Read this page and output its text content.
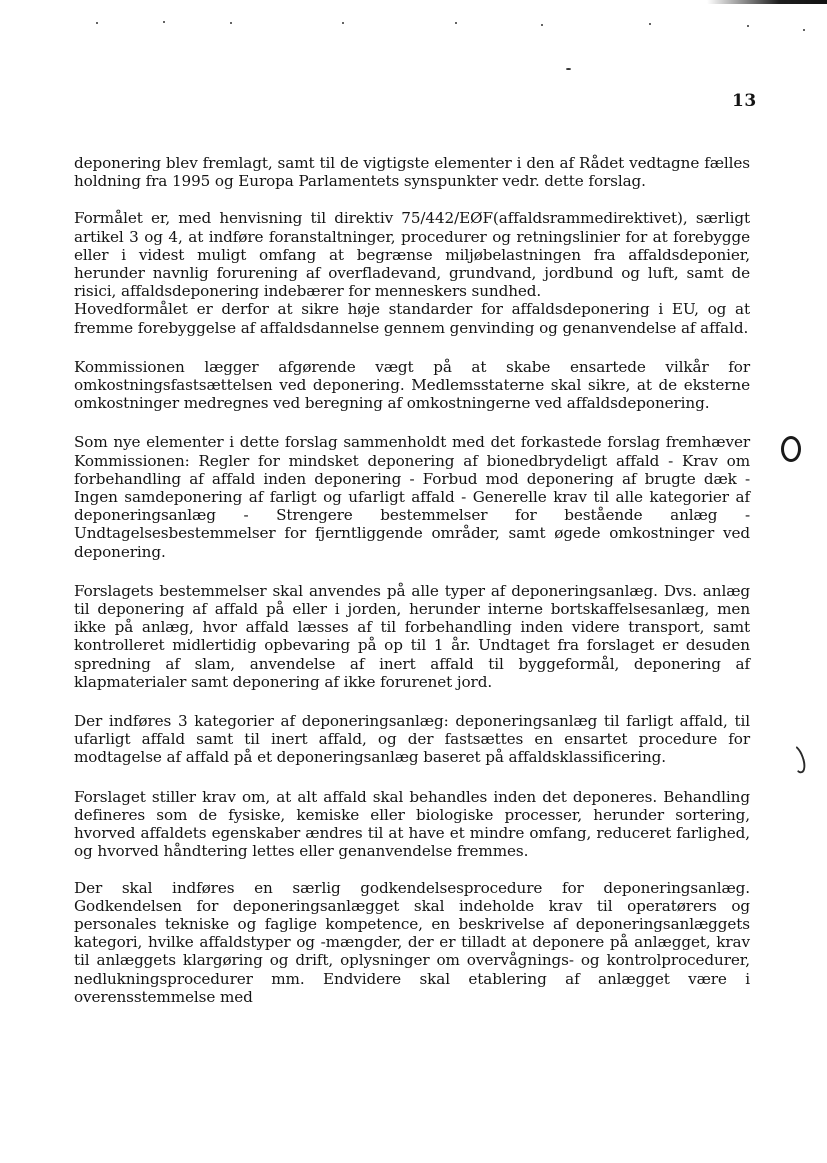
13

deponering blev fremlagt, samt til de vigtigste elementer i den af Rådet vedtagne fælles holdning fra 1995 og Europa Parlamentets synspunkter vedr. dette forslag.

Formålet er, med henvisning til direktiv 75/442/EØF(affaldsrammedirektivet), særligt artikel 3 og 4, at indføre foranstaltninger, procedurer og retningslinier for at forebygge eller i videst muligt omfang at begrænse miljøbelastningen fra affaldsdeponier, herunder navnlig forurening af overfladevand, grundvand, jordbund og luft, samt de risici, affaldsdeponering indebærer for menneskers sundhed.

Hovedformålet er derfor at sikre høje standarder for affaldsdeponering i EU, og at fremme forebyggelse af affaldsdannelse gennem genvinding og genanvendelse af affald.

Kommissionen lægger afgørende vægt på at skabe ensartede vilkår for omkostningsfastsættelsen ved deponering. Medlemsstaterne skal sikre, at de eksterne omkostninger medregnes ved beregning af omkostningerne ved affaldsdeponering.

Som nye elementer i dette forslag sammenholdt med det forkastede forslag fremhæver Kommissionen: Regler for mindsket deponering af bionedbrydeligt affald - Krav om forbehandling af affald inden deponering - Forbud mod deponering af brugte dæk - Ingen samdeponering af farligt og ufarligt affald - Generelle krav til alle kategorier af deponeringsanlæg - Strengere bestemmelser for bestående anlæg - Undtagelsesbestemmelser for fjerntliggende områder, samt øgede omkostninger ved deponering.

Forslagets bestemmelser skal anvendes på alle typer af deponeringsanlæg. Dvs. anlæg til deponering af affald på eller i jorden, herunder interne bortskaffelsesanlæg, men ikke på anlæg, hvor affald læsses af til forbehandling inden videre transport, samt kontrolleret midlertidig opbevaring på op til 1 år. Undtaget fra forslaget er desuden spredning af slam, anvendelse af inert affald til byggeformål, deponering af klapmaterialer samt deponering af ikke forurenet jord.

Der indføres 3 kategorier af deponeringsanlæg: deponeringsanlæg til farligt affald, til ufarligt affald samt til inert affald, og der fastsættes en ensartet procedure for modtagelse af affald på et deponeringsanlæg baseret på affaldsklassificering.

Forslaget stiller krav om, at alt affald skal behandles inden det deponeres. Behandling defineres som de fysiske, kemiske eller biologiske processer, herunder sortering, hvorved affaldets egenskaber ændres til at have et mindre omfang, reduceret farlighed, og hvorved håndtering lettes eller genanvendelse fremmes.

Der skal indføres en særlig godkendelsesprocedure for deponeringsanlæg. Godkendelsen for deponeringsanlægget skal indeholde krav til operatørers og personales tekniske og faglige kompetence, en beskrivelse af deponeringsanlæggets kategori, hvilke affaldstyper og -mængder, der er tilladt at deponere på anlægget, krav til anlæggets klargøring og drift, oplysninger om overvågnings- og kontrolprocedurer, nedlukningsprocedurer mm. Endvidere skal etablering af anlægget være i overensstemmelse med
